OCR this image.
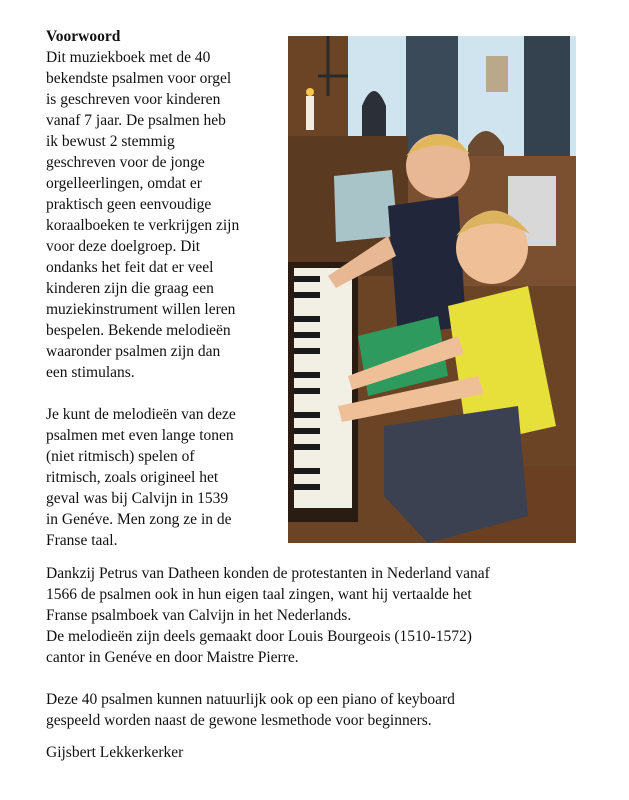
Voorwoord

Dit muziekboek met de 40

bekendste psalmen voor orgel

is geschreven voor kinderen

vanaf 7 jaar. De psalmen heb

ik bewust 2 stemmig

geschreven voor de jonge

orgelleerlingen, omdat er

praktisch geen eenvoudige

koraalboeken te verkrijgen zijn

voor deze doelgroep. Dit

ondanks het feit dat er veel

kinderen zijn die graag een

muziekinstrument willen leren

bespelen. Bekende melodieën

waaronder psalmen zijn dan

een stimulans.

Je kunt de melodieën van deze

psalmen met even lange tonen

(niet ritmisch) spelen of

ritmisch, zoals origineel het

geval was bij Calvijn in 1539

in Genéve. Men zong ze in de

Franse taal.

Dankzij Petrus van Datheen konden de protestanten in Nederland vanaf

1566 de psalmen ook in hun eigen taal zingen, want hij vertaalde het

Franse psalmboek van Calvijn in het Nederlands.

De melodieën zijn deels gemaakt door Louis Bourgeois (1510-1572)

cantor in Genéve en door Maistre Pierre.

Deze 40 psalmen kunnen natuurlijk ook op een piano of keyboard

gespeeld worden naast de gewone lesmethode voor beginners.

Gijsbert Lekkerkerker
